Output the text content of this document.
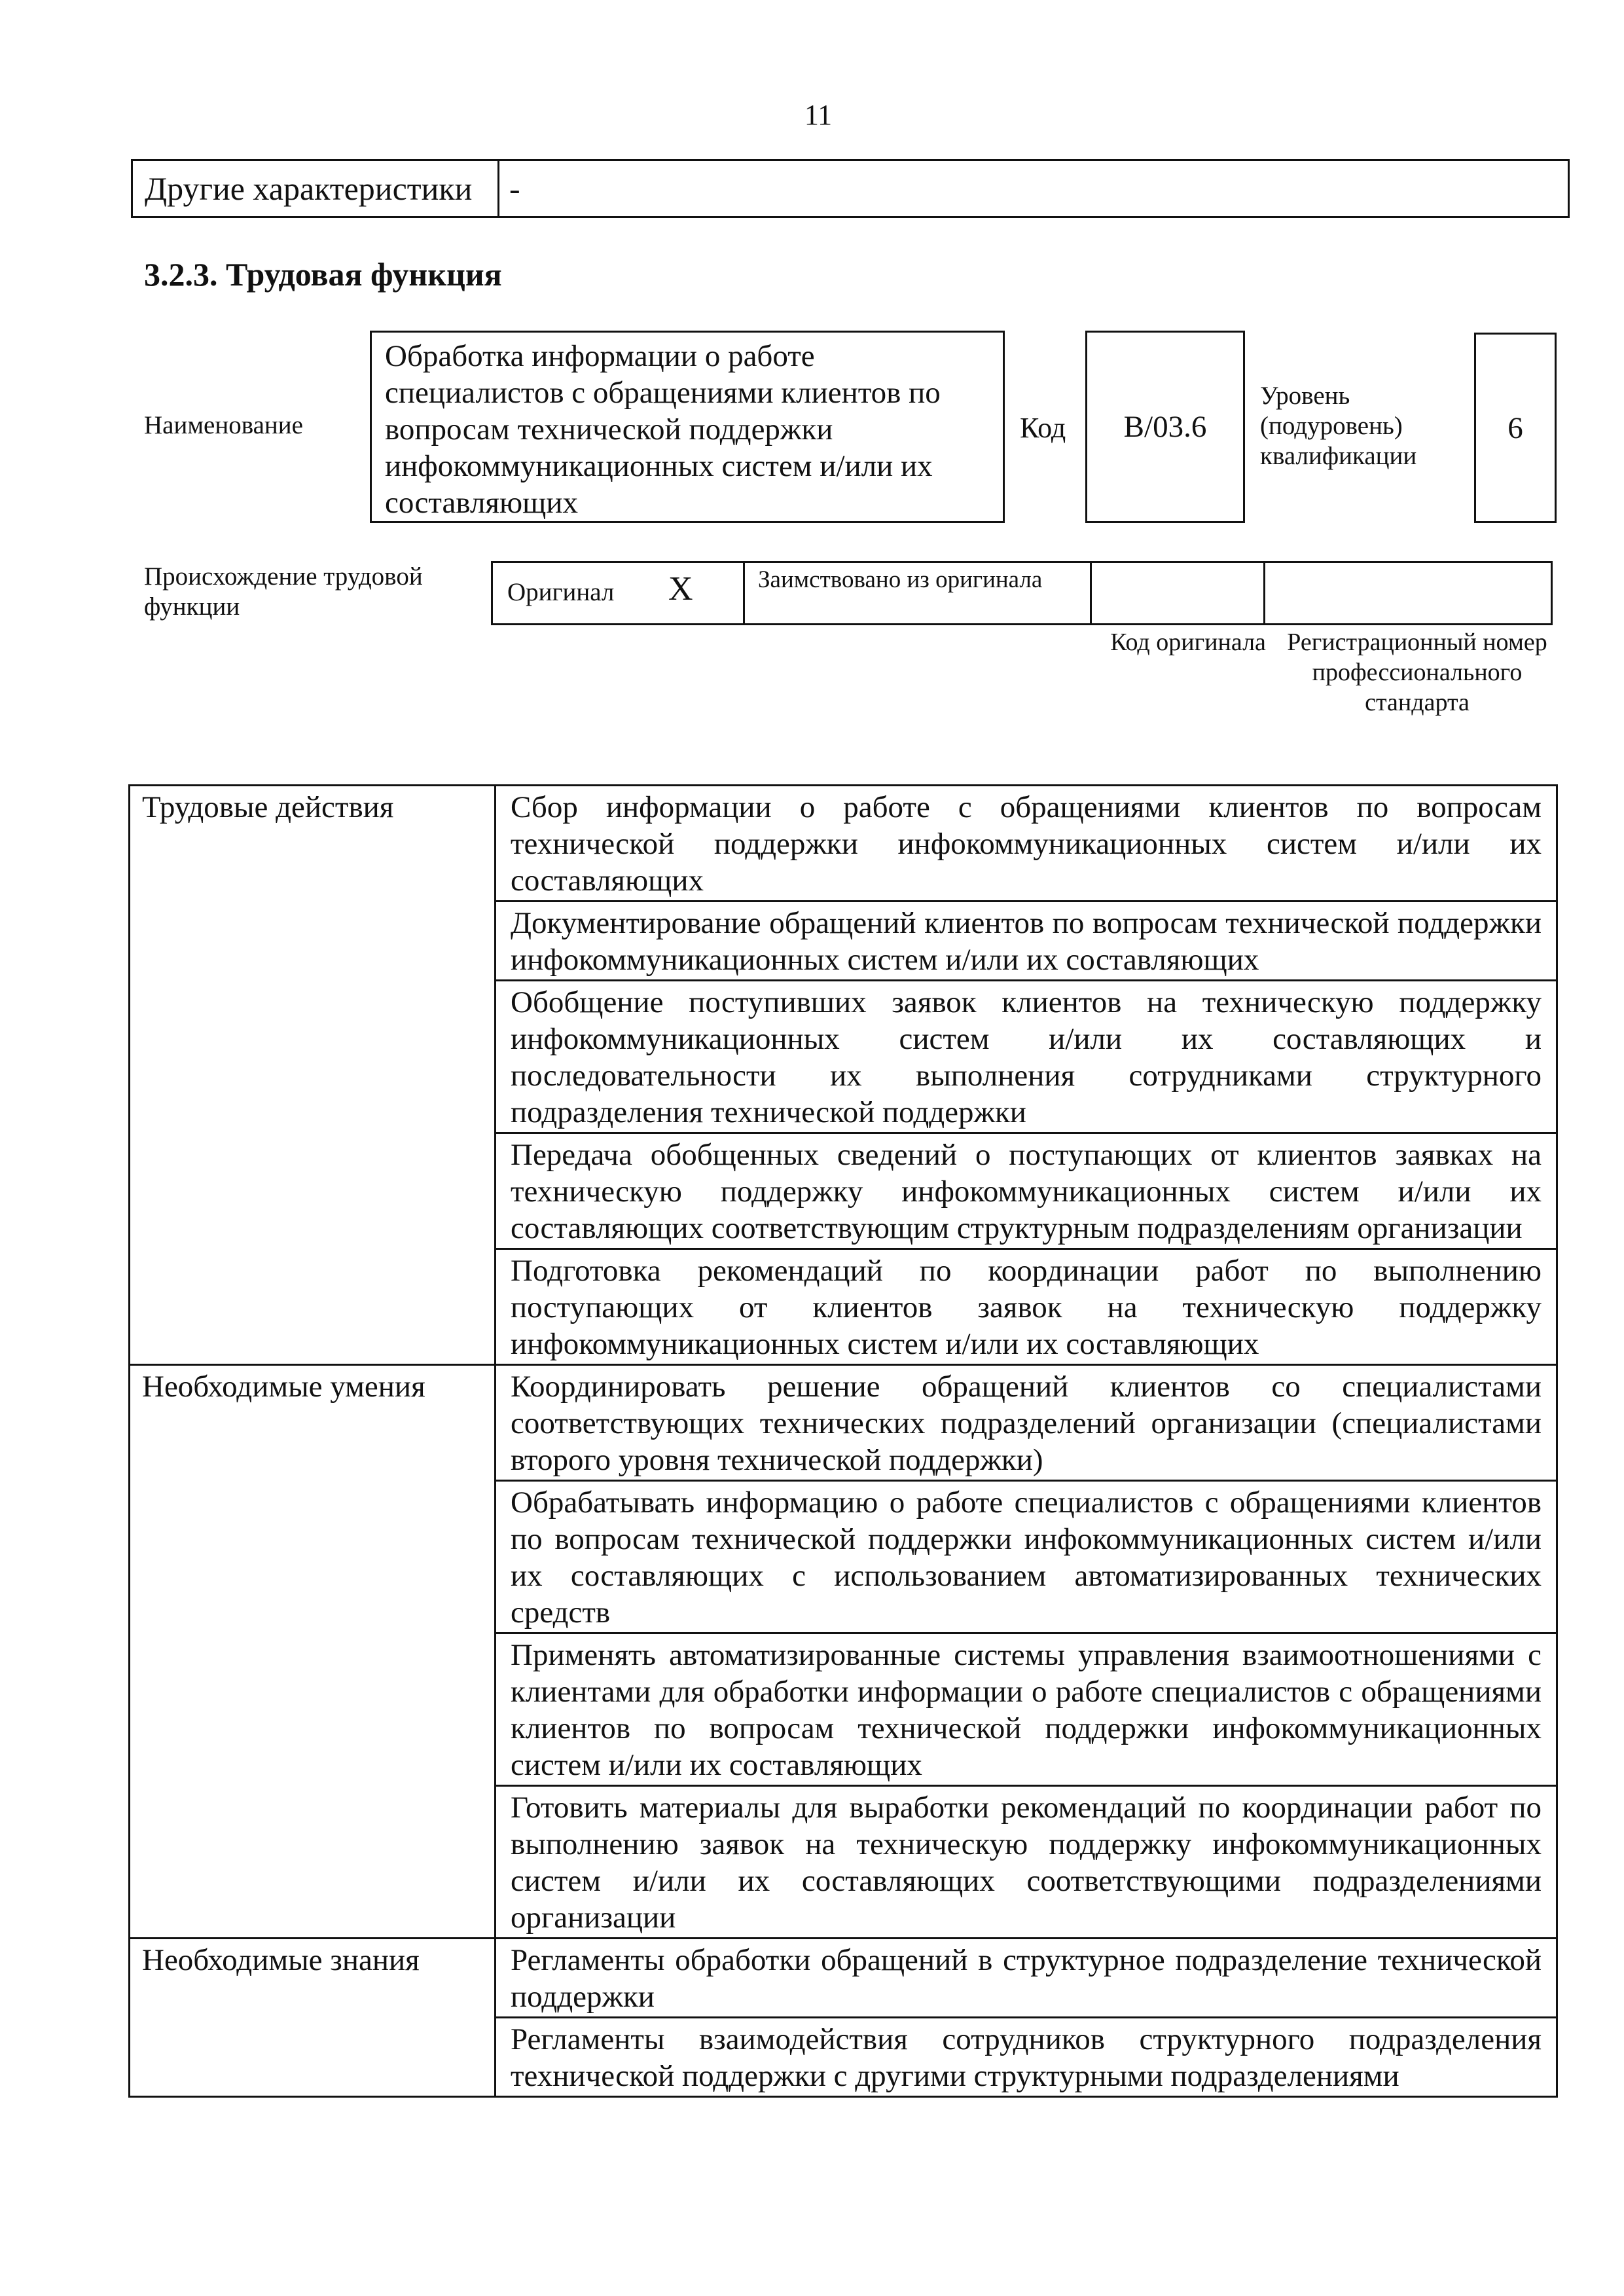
11
Другие характеристики	-
3.2.3. Трудовая функция
Наименование
Обработка информации о работе специалистов с обращениями клиентов по вопросам технической поддержки инфокоммуникационных систем и/или их составляющих
Код	В/03.6
Уровень (подуровень) квалификации
6
Происхождение трудовой функции
Оригинал X	Заимствовано из оригинала
Код оригинала Регистрационный номер профессионального стандарта
Трудовые действия	Сбор информации о работе с обращениями клиентов по вопросам технической поддержки инфокоммуникационных систем и/или их составляющих
	Документирование обращений клиентов по вопросам технической поддержки инфокоммуникационных систем и/или их составляющих
	Обобщение поступивших заявок клиентов на техническую поддержку инфокоммуникационных систем и/или их составляющих и последовательности их выполнения сотрудниками структурного подразделения технической поддержки
	Передача обобщенных сведений о поступающих от клиентов заявках на техническую поддержку инфокоммуникационных систем и/или их составляющих соответствующим структурным подразделениям организации
	Подготовка рекомендаций по координации работ по выполнению поступающих от клиентов заявок на техническую поддержку инфокоммуникационных систем и/или их составляющих
Необходимые умения	Координировать решение обращений клиентов со специалистами соответствующих технических подразделений организации (специалистами второго уровня технической поддержки)
	Обрабатывать информацию о работе специалистов с обращениями клиентов по вопросам технической поддержки инфокоммуникационных систем и/или их составляющих с использованием автоматизированных технических средств
	Применять автоматизированные системы управления взаимоотношениями с клиентами для обработки информации о работе специалистов с обращениями клиентов по вопросам технической поддержки инфокоммуникационных систем и/или их составляющих
	Готовить материалы для выработки рекомендаций по координации работ по выполнению заявок на техническую поддержку инфокоммуникационных систем и/или их составляющих соответствующими подразделениями организации
Необходимые знания	Регламенты обработки обращений в структурное подразделение технической поддержки
	Регламенты взаимодействия сотрудников структурного подразделения технической поддержки с другими структурными подразделениями
